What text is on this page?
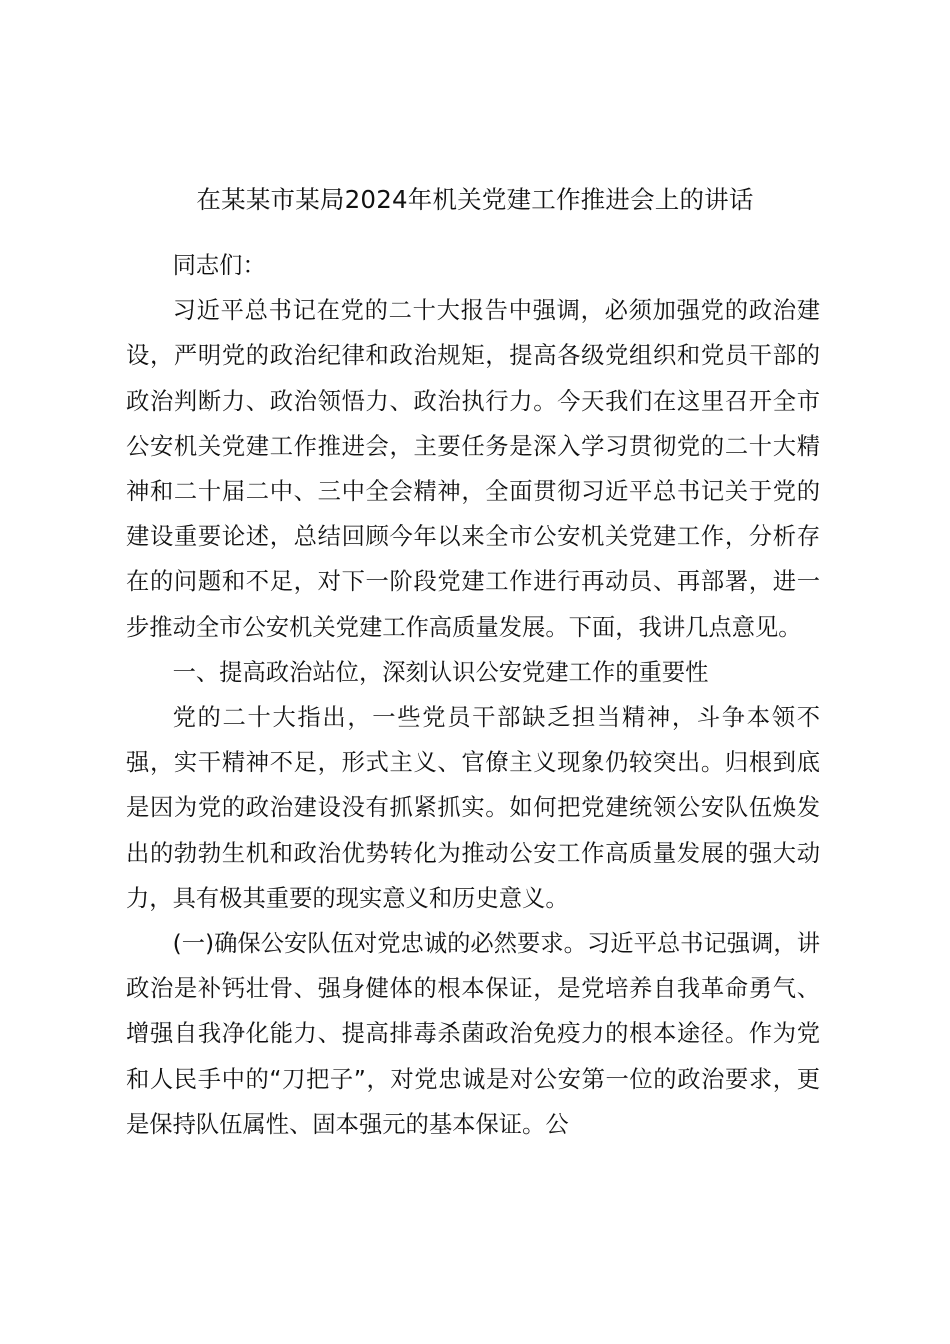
在某某市某局2024年机关党建工作推进会上的讲话

同志们：

习近平总书记在党的二十大报告中强调，必须加强党的政治建设，严明党的政治纪律和政治规矩，提高各级党组织和党员干部的政治判断力、政治领悟力、政治执行力。今天我们在这里召开全市公安机关党建工作推进会，主要任务是深入学习贯彻党的二十大精神和二十届二中、三中全会精神，全面贯彻习近平总书记关于党的建设重要论述，总结回顾今年以来全市公安机关党建工作，分析存在的问题和不足，对下一阶段党建工作进行再动员、再部署，进一步推动全市公安机关党建工作高质量发展。下面，我讲几点意见。

一、提高政治站位，深刻认识公安党建工作的重要性

党的二十大指出，一些党员干部缺乏担当精神，斗争本领不强，实干精神不足，形式主义、官僚主义现象仍较突出。归根到底是因为党的政治建设没有抓紧抓实。如何把党建统领公安队伍焕发出的勃勃生机和政治优势转化为推动公安工作高质量发展的强大动力，具有极其重要的现实意义和历史意义。

(一)确保公安队伍对党忠诚的必然要求。习近平总书记强调，讲政治是补钙壮骨、强身健体的根本保证，是党培养自我革命勇气、增强自我净化能力、提高排毒杀菌政治免疫力的根本途径。作为党和人民手中的“刀把子”，对党忠诚是对公安第一位的政治要求，更是保持队伍属性、固本强元的基本保证。公
